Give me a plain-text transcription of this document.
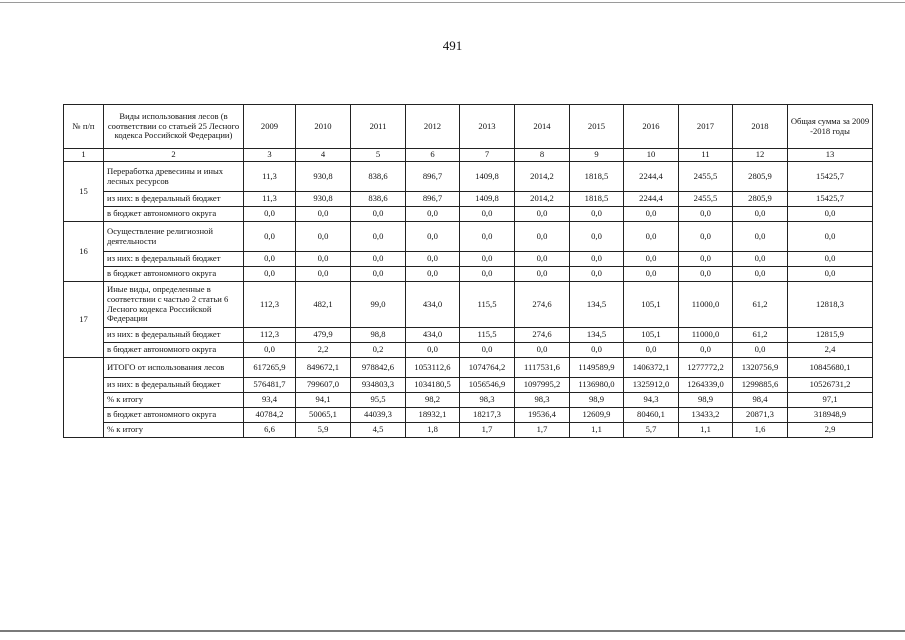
491
№ п/п	Виды использования лесов (в соответствии со статьей 25 Лесного кодекса Российской Федерации)	2009	2010	2011	2012	2013	2014	2015	2016	2017	2018	Общая сумма за 2009 -2018 годы
1	2	3	4	5	6	7	8	9	10	11	12	13
15	Переработка древесины и иных лесных ресурсов	11,3	930,8	838,6	896,7	1409,8	2014,2	1818,5	2244,4	2455,5	2805,9	15425,7
	из них: в федеральный бюджет	11,3	930,8	838,6	896,7	1409,8	2014,2	1818,5	2244,4	2455,5	2805,9	15425,7
	в бюджет автономного округа	0,0	0,0	0,0	0,0	0,0	0,0	0,0	0,0	0,0	0,0	0,0
16	Осуществление религиозной деятельности	0,0	0,0	0,0	0,0	0,0	0,0	0,0	0,0	0,0	0,0	0,0
	из них: в федеральный бюджет	0,0	0,0	0,0	0,0	0,0	0,0	0,0	0,0	0,0	0,0	0,0
	в бюджет автономного округа	0,0	0,0	0,0	0,0	0,0	0,0	0,0	0,0	0,0	0,0	0,0
17	Иные виды, определенные в соответствии с частью 2 статьи 6 Лесного кодекса Российской Федерации	112,3	482,1	99,0	434,0	115,5	274,6	134,5	105,1	11000,0	61,2	12818,3
	из них: в федеральный бюджет	112,3	479,9	98,8	434,0	115,5	274,6	134,5	105,1	11000,0	61,2	12815,9
	в бюджет автономного округа	0,0	2,2	0,2	0,0	0,0	0,0	0,0	0,0	0,0	0,0	2,4
	ИТОГО от использования лесов	617265,9	849672,1	978842,6	1053112,6	1074764,2	1117531,6	1149589,9	1406372,1	1277772,2	1320756,9	10845680,1
	из них: в федеральный бюджет	576481,7	799607,0	934803,3	1034180,5	1056546,9	1097995,2	1136980,0	1325912,0	1264339,0	1299885,6	10526731,2
	% к итогу	93,4	94,1	95,5	98,2	98,3	98,3	98,9	94,3	98,9	98,4	97,1
	в бюджет автономного округа	40784,2	50065,1	44039,3	18932,1	18217,3	19536,4	12609,9	80460,1	13433,2	20871,3	318948,9
	% к итогу	6,6	5,9	4,5	1,8	1,7	1,7	1,1	5,7	1,1	1,6	2,9
